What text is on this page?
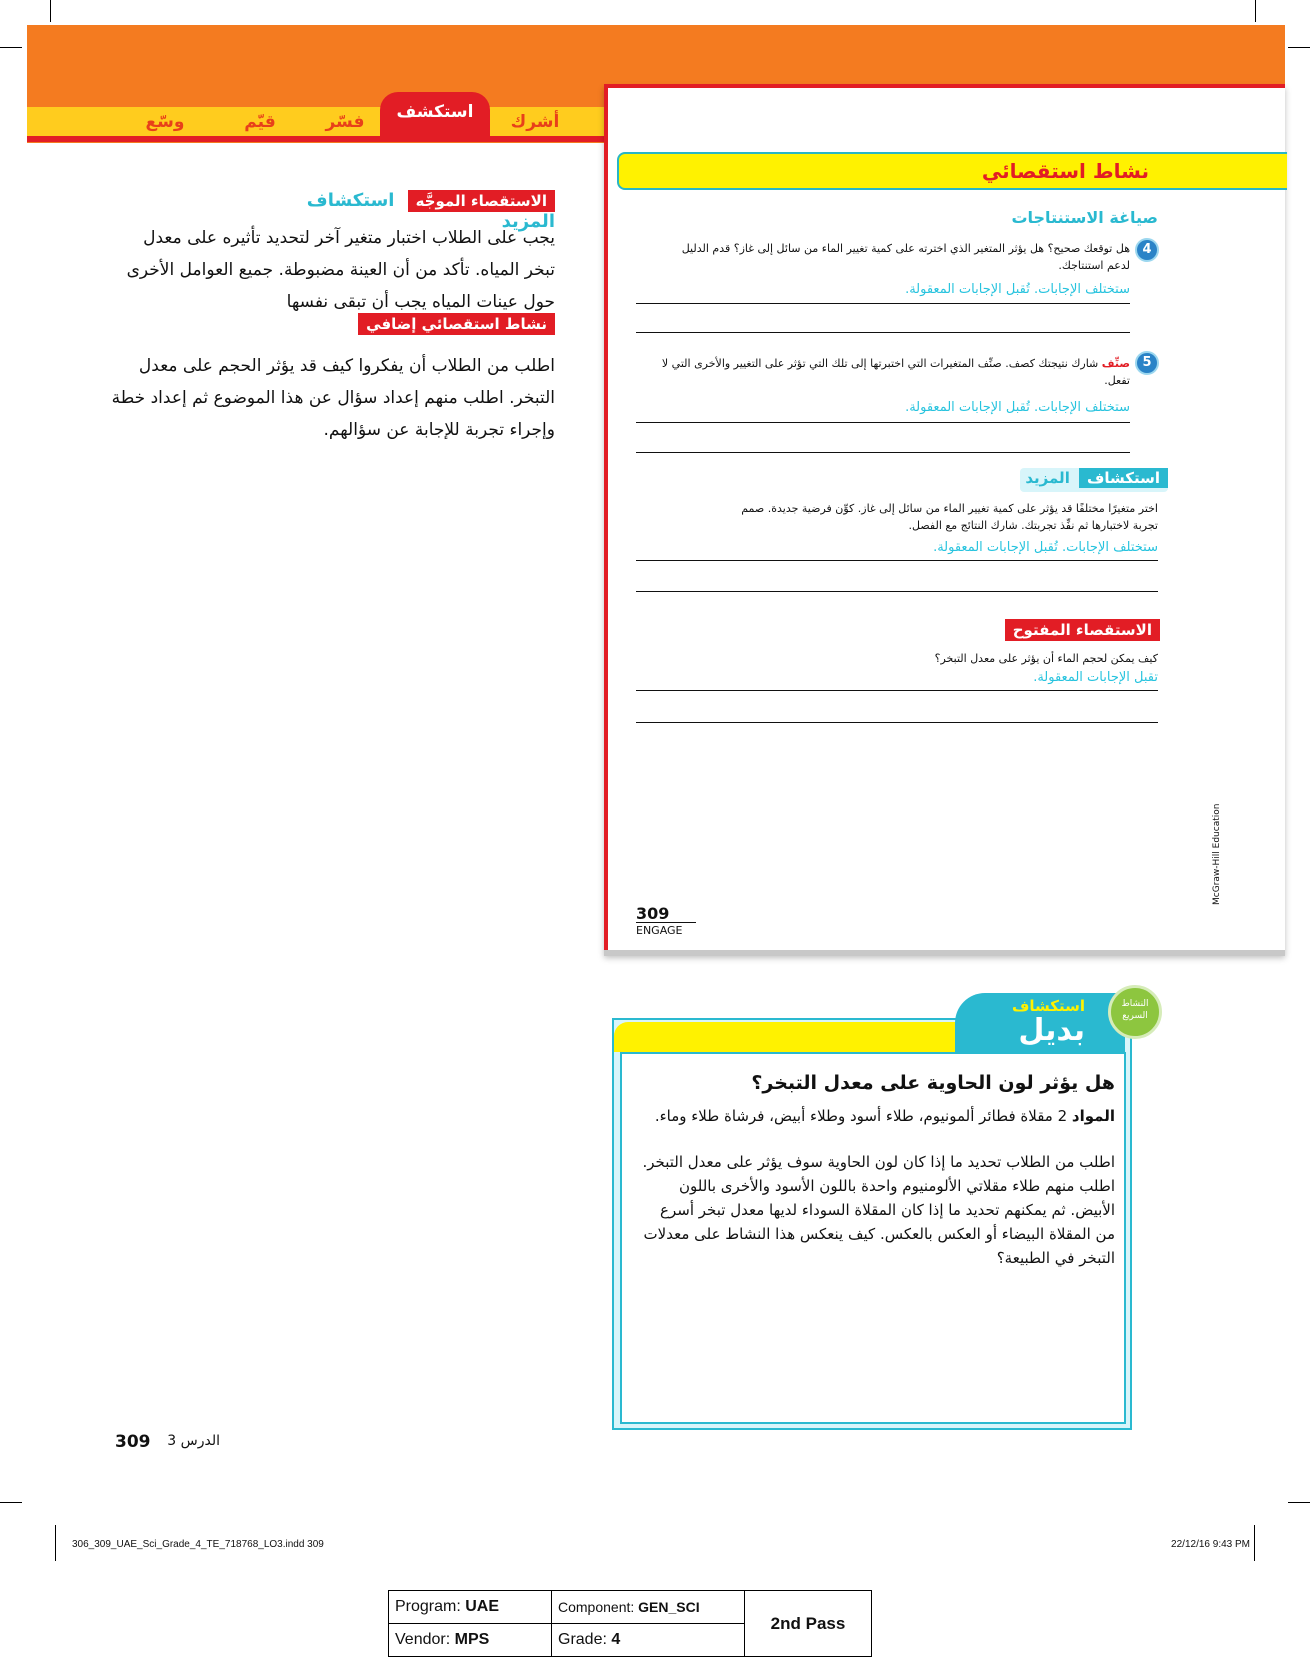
وسّع	قيّم	فسّر	استكشف	أشرك
الاستقصاء الموجَّه استكشاف المزيد
يجب على الطلاب اختبار متغير آخر لتحديد تأثيره على معدل تبخر المياه. تأكد من أن العينة مضبوطة. جميع العوامل الأخرى حول عينات المياه يجب أن تبقى نفسها
نشاط استقصائي إضافي
اطلب من الطلاب أن يفكروا كيف قد يؤثر الحجم على معدل التبخر. اطلب منهم إعداد سؤال عن هذا الموضوع ثم إعداد خطة وإجراء تجربة للإجابة عن سؤالهم.
نشاط استقصائي
صياغة الاستنتاجات
4
هل توقعك صحيح؟ هل يؤثر المتغير الذي اخترته على كمية تغيير الماء من سائل إلى غاز؟ قدم الدليل لدعم استنتاجك.
ستختلف الإجابات. تُقبل الإجابات المعقولة.
5
صنِّف شارك نتيجتك كصف. صنِّف المتغيرات التي اختبرتها إلى تلك التي تؤثر على التغيير والأخرى التي لا تفعل.
ستختلف الإجابات. تُقبل الإجابات المعقولة.
استكشاف المزيد
اختر متغيرًا مختلفًا قد يؤثر على كمية تغيير الماء من سائل إلى غاز. كوِّن فرضية جديدة. صمم تجربة لاختبارها ثم نفِّذ تجربتك. شارك النتائج مع الفصل.
ستختلف الإجابات. تُقبل الإجابات المعقولة.
الاستقصاء المفتوح
كيف يمكن لحجم الماء أن يؤثر على معدل التبخر؟
تقبل الإجابات المعقولة.
309
ENGAGE
McGraw-Hill Education
استكشاف
بديل
النشاط
السريع
هل يؤثر لون الحاوية على معدل التبخر؟
المواد 2 مقلاة فطائر ألمونيوم، طلاء أسود وطلاء أبيض، فرشاة طلاء وماء.
اطلب من الطلاب تحديد ما إذا كان لون الحاوية سوف يؤثر على معدل التبخر. اطلب منهم طلاء مقلاتي الألومنيوم واحدة باللون الأسود والأخرى باللون الأبيض. ثم يمكنهم تحديد ما إذا كان المقلاة السوداء لديها معدل تبخر أسرع من المقلاة البيضاء أو العكس بالعكس. كيف ينعكس هذا النشاط على معدلات التبخر في الطبيعة؟
309	الدرس 3
306_309_UAE_Sci_Grade_4_TE_718768_LO3.indd 309	22/12/16 9:43 PM
Program: UAE	Component: GEN_SCI	2nd Pass
Vendor: MPS	Grade: 4	
